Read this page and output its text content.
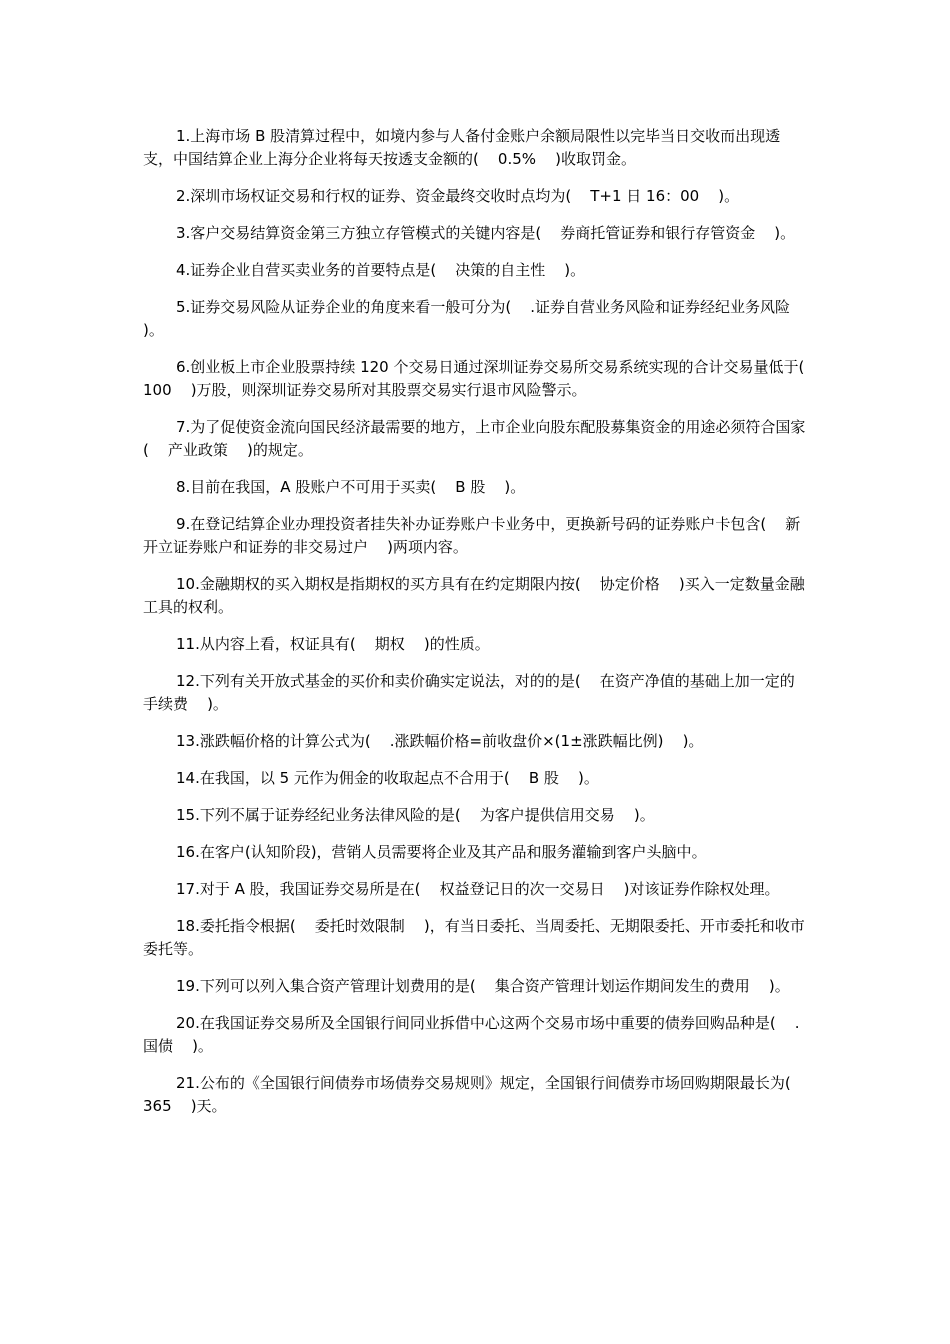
1.上海市场 B 股清算过程中，如境内参与人备付金账户余额局限性以完毕当日交收而出现透支，中国结算企业上海分企业将每天按透支金额的(    0.5%    )收取罚金。

2.深圳市场权证交易和行权的证券、资金最终交收时点均为(    T+1 日 16：00    )。

3.客户交易结算资金第三方独立存管模式的关键内容是(    券商托管证券和银行存管资金    )。

4.证券企业自营买卖业务的首要特点是(    决策的自主性    )。

5.证券交易风险从证券企业的角度来看一般可分为(    .证券自营业务风险和证券经纪业务风险    )。

6.创业板上市企业股票持续 120 个交易日通过深圳证券交易所交易系统实现的合计交易量低于(    100    )万股，则深圳证券交易所对其股票交易实行退市风险警示。

7.为了促使资金流向国民经济最需要的地方，上市企业向股东配股募集资金的用途必须符合国家(    产业政策    )的规定。

8.目前在我国，A 股账户不可用于买卖(    B 股    )。

9.在登记结算企业办理投资者挂失补办证券账户卡业务中，更换新号码的证券账户卡包含(    新开立证券账户和证券的非交易过户    )两项内容。

10.金融期权的买入期权是指期权的买方具有在约定期限内按(    协定价格    )买入一定数量金融工具的权利。

11.从内容上看，权证具有(    期权    )的性质。

12.下列有关开放式基金的买价和卖价确实定说法，对的的是(    在资产净值的基础上加一定的手续费    )。

13.涨跌幅价格的计算公式为(    .涨跌幅价格=前收盘价×(1±涨跌幅比例)    )。

14.在我国，以 5 元作为佣金的收取起点不合用于(    B 股    )。

15.下列不属于证券经纪业务法律风险的是(    为客户提供信用交易    )。

16.在客户(认知阶段)，营销人员需要将企业及其产品和服务灌输到客户头脑中。

17.对于 A 股，我国证券交易所是在(    权益登记日的次一交易日    )对该证券作除权处理。

18.委托指令根据(    委托时效限制    )，有当日委托、当周委托、无期限委托、开市委托和收市委托等。

19.下列可以列入集合资产管理计划费用的是(    集合资产管理计划运作期间发生的费用    )。

20.在我国证券交易所及全国银行间同业拆借中心这两个交易市场中重要的债券回购品种是(    .国债    )。

21.公布的《全国银行间债券市场债券交易规则》规定，全国银行间债券市场回购期限最长为(    365    )天。
